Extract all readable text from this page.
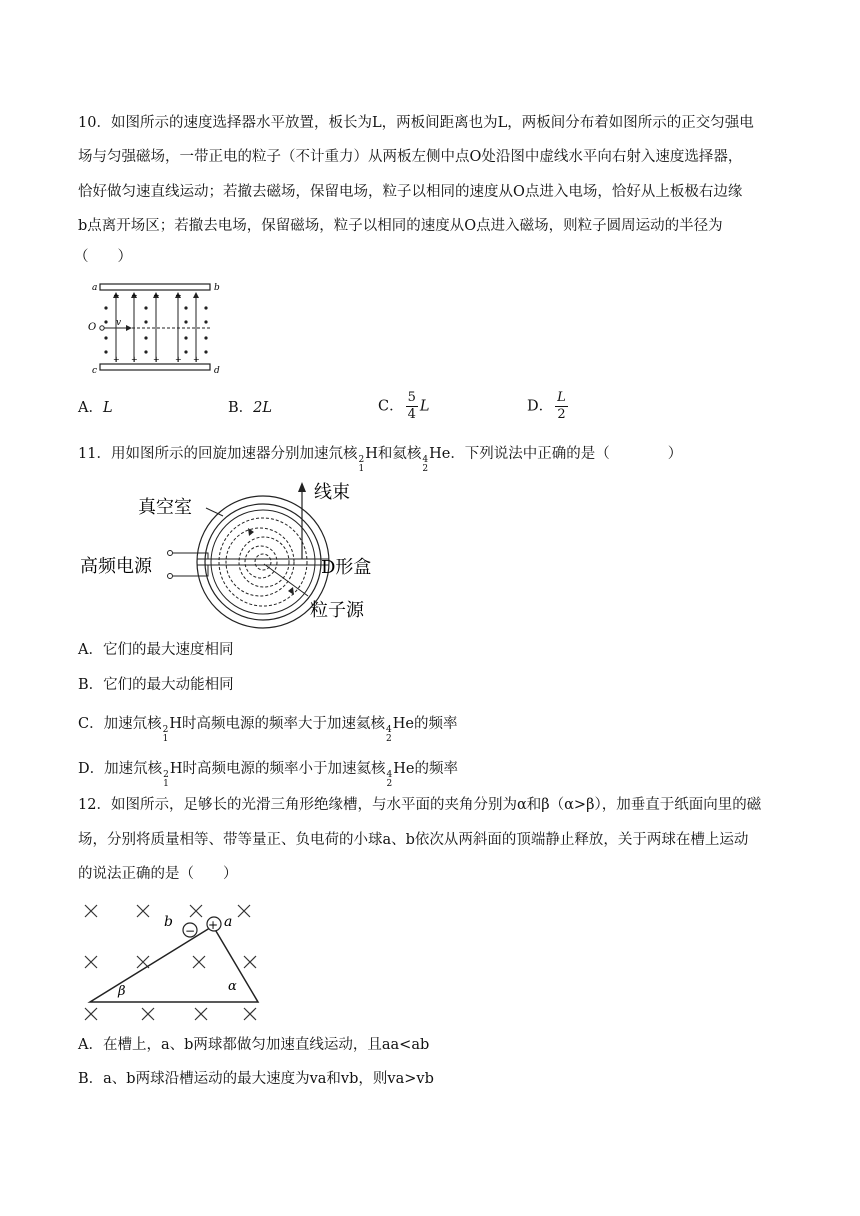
10．如图所示的速度选择器水平放置，板长为L，两板间距离也为L，两板间分布着如图所示的正交匀强电
场与匀强磁场，一带正电的粒子（不计重力）从两板左侧中点O处沿图中虚线水平向右射入速度选择器，
恰好做匀速直线运动；若撤去磁场，保留电场，粒子以相同的速度从O点进入电场，恰好从上板极右边缘
b点离开场区；若撤去电场，保留磁场，粒子以相同的速度从O点进入磁场，则粒子圆周运动的半径为
（　　）
a	b
c	d
O v
− − − −
+ + + + +
A．L	B．2L	C． $\frac{5}{4}$ L	D． $\frac{L}{2}$
11．用如图所示的回旋加速器分别加速氘核 2
1
H和氦核 4
2
He．下列说法中正确的是（　　　　）
线束
真空室
高频电源	D形盒
粒子源
A．它们的最大速度相同
B．它们的最大动能相同
C．加速氘核 2
1
H时高频电源的频率大于加速氦核 4
2
He的频率
D．加速氘核 2
1
H时高频电源的频率小于加速氦核 4
2
He的频率
12．如图所示，足够长的光滑三角形绝缘槽，与水平面的夹角分别为α和β（α>β），加垂直于纸面向里的磁
场，分别将质量相等、带等量正、负电荷的小球a、b依次从两斜面的顶端静止释放，关于两球在槽上运动
的说法正确的是（　　）
− +
b	a
β	α
A．在槽上，a、b两球都做匀加速直线运动，且aa<ab
B．a、b两球沿槽运动的最大速度为va和vb，则va>vb
